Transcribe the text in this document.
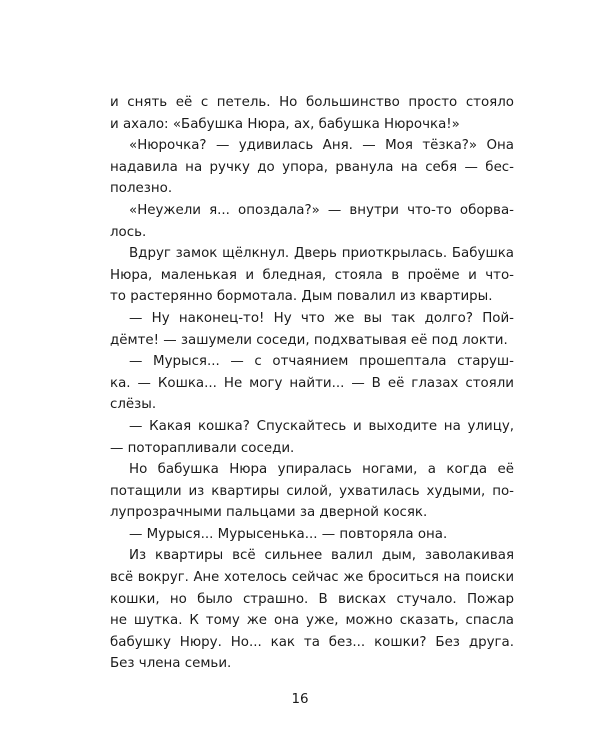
и снять её с петель. Но большинство просто стояло
и ахало: «Бабушка Нюра, ах, бабушка Нюрочка!»
«Нюрочка? — удивилась Аня. — Моя тёзка?» Она
надавила на ручку до упора, рванула на себя — бес-
полезно.
«Неужели я... опоздала?» — внутри что-то оборва-
лось.
Вдруг замок щёлкнул. Дверь приоткрылась. Бабушка
Нюра, маленькая и бледная, стояла в проёме и что-
то растерянно бормотала. Дым повалил из квартиры.
— Ну наконец-то! Ну что же вы так долго? Пой-
дёмте! — зашумели соседи, подхватывая её под локти.
— Мурыся... — с отчаянием прошептала старуш-
ка. — Кошка... Не могу найти... — В её глазах стояли
слёзы.
— Какая кошка? Спускайтесь и выходите на улицу,
— поторапливали соседи.
Но бабушка Нюра упиралась ногами, а когда её
потащили из квартиры силой, ухватилась худыми, по-
лупрозрачными пальцами за дверной косяк.
— Мурыся... Мурысенька... — повторяла она.
Из квартиры всё сильнее валил дым, заволакивая
всё вокруг. Ане хотелось сейчас же броситься на поиски
кошки, но было страшно. В висках стучало. Пожар
не шутка. К тому же она уже, можно сказать, спасла
бабушку Нюру. Но... как та без... кошки? Без друга.
Без члена семьи.
16
